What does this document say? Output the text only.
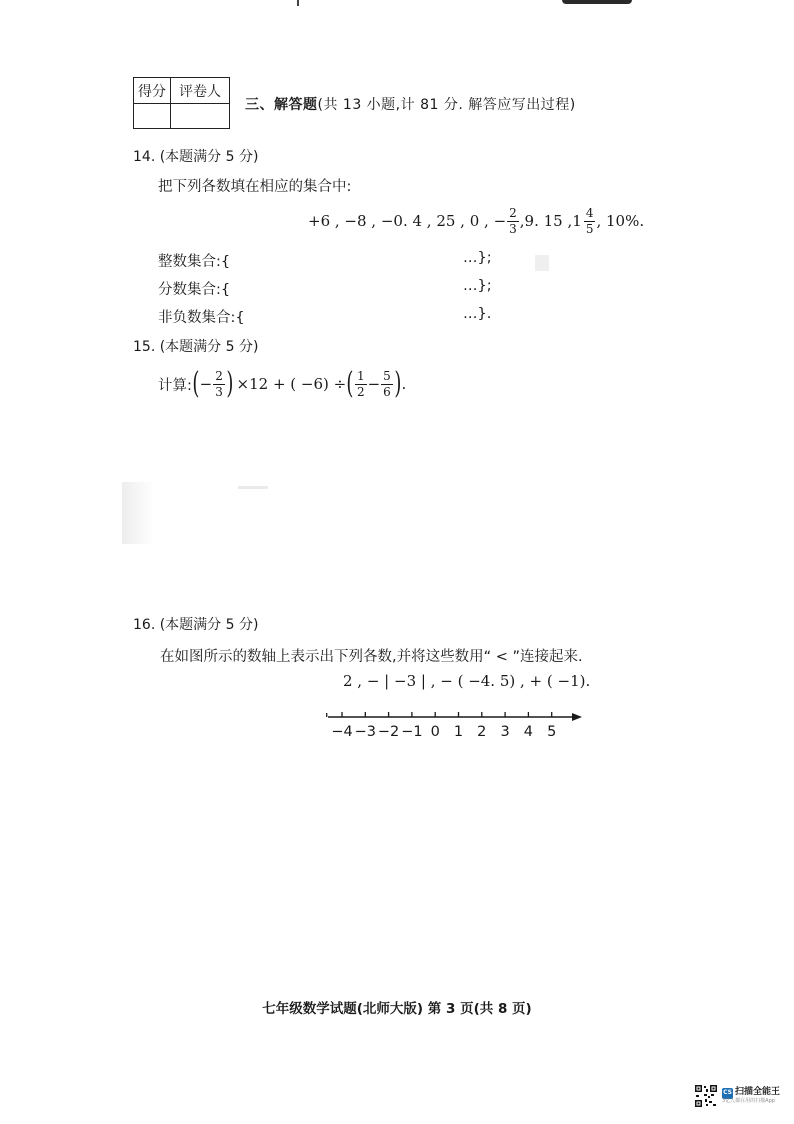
得分	评卷人

三、解答题(共 13 小题,计 81 分. 解答应写出过程)
14. (本题满分 5 分)
把下列各数填在相应的集合中:
+6 , −8 , −0. 4 , 25 , 0 , − $\frac{2}{3} ,9$. 15 , $1 \frac{4}{5}$ , 10%.
整数集合:{	…};
分数集合:{	…};
非负数集合:{	…}.
15. (本题满分 5 分)
计算: ( − $\frac{2}{3}$ ) ×12 + ( −6) ÷ ( $\frac{1}{2} - \frac{5}{6}$ ) .
16. (本题满分 5 分)
在如图所示的数轴上表示出下列各数,并将这些数用“ < ”连接起来.
2 , − | −3 | , − ( −4. 5) , + ( −1).
−4 −3 −2 −1 0 1 2 3 4 5
七年级数学试题(北师大版) 第 3 页(共 8 页)
CS 扫描全能王
3亿人都在用的扫描App
